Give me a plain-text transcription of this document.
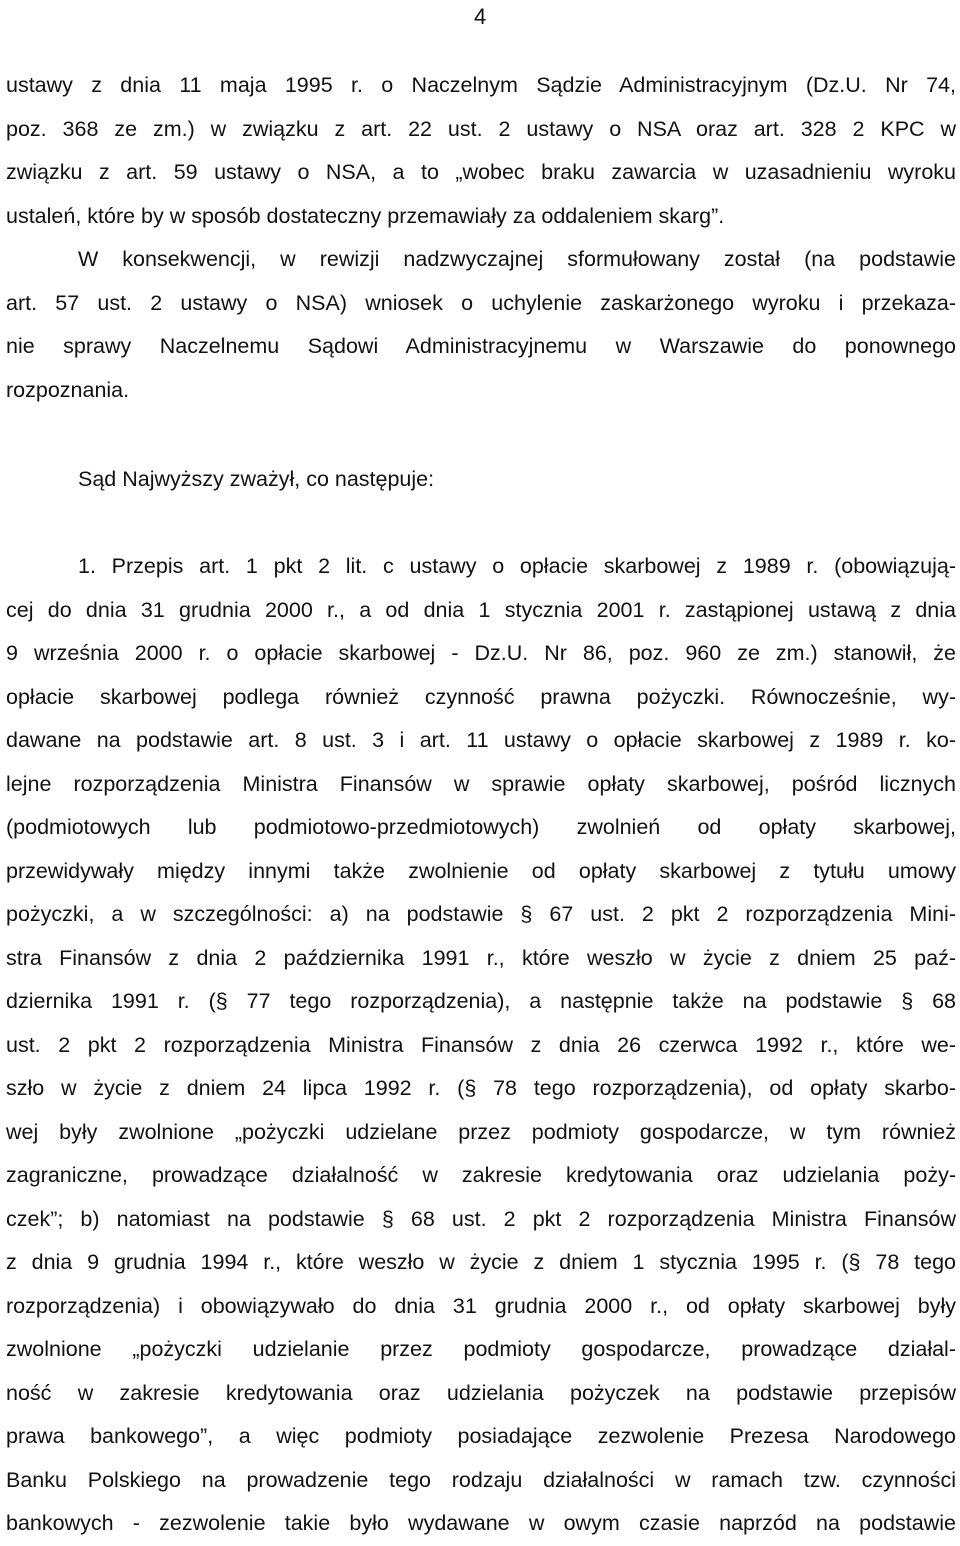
4
ustawy z dnia 11 maja 1995 r. o Naczelnym Sądzie Administracyjnym (Dz.U. Nr 74,
poz. 368 ze zm.) w związku z art. 22 ust. 2 ustawy o NSA oraz art. 328 2 KPC w
związku z art. 59 ustawy o NSA, a to „wobec braku zawarcia w uzasadnieniu wyroku
ustaleń, które by w sposób dostateczny przemawiały za oddaleniem skarg”.
W konsekwencji, w rewizji nadzwyczajnej sformułowany został (na podstawie
art. 57 ust. 2 ustawy o NSA) wniosek o uchylenie zaskarżonego wyroku i przekaza-
nie sprawy Naczelnemu Sądowi Administracyjnemu w Warszawie do ponownego
rozpoznania.
Sąd Najwyższy zważył, co następuje:
1. Przepis art. 1 pkt 2 lit. c ustawy o opłacie skarbowej z 1989 r. (obowiązują-
cej do dnia 31 grudnia 2000 r., a od dnia 1 stycznia 2001 r. zastąpionej ustawą z dnia
9 września 2000 r. o opłacie skarbowej - Dz.U. Nr 86, poz. 960 ze zm.) stanowił, że
opłacie skarbowej podlega również czynność prawna pożyczki. Równocześnie, wy-
dawane na podstawie art. 8 ust. 3 i art. 11 ustawy o opłacie skarbowej z 1989 r. ko-
lejne rozporządzenia Ministra Finansów w sprawie opłaty skarbowej, pośród licznych
(podmiotowych lub podmiotowo-przedmiotowych) zwolnień od opłaty skarbowej,
przewidywały między innymi także zwolnienie od opłaty skarbowej z tytułu umowy
pożyczki, a w szczególności: a) na podstawie § 67 ust. 2 pkt 2 rozporządzenia Mini-
stra Finansów z dnia 2 października 1991 r., które weszło w życie z dniem 25 paź-
dziernika 1991 r. (§ 77 tego rozporządzenia), a następnie także na podstawie § 68
ust. 2 pkt 2 rozporządzenia Ministra Finansów z dnia 26 czerwca 1992 r., które we-
szło w życie z dniem 24 lipca 1992 r. (§ 78 tego rozporządzenia), od opłaty skarbo-
wej były zwolnione „pożyczki udzielane przez podmioty gospodarcze, w tym również
zagraniczne, prowadzące działalność w zakresie kredytowania oraz udzielania poży-
czek”; b) natomiast na podstawie § 68 ust. 2 pkt 2 rozporządzenia Ministra Finansów
z dnia 9 grudnia 1994 r., które weszło w życie z dniem 1 stycznia 1995 r. (§ 78 tego
rozporządzenia) i obowiązywało do dnia 31 grudnia 2000 r., od opłaty skarbowej były
zwolnione „pożyczki udzielanie przez podmioty gospodarcze, prowadzące działal-
ność w zakresie kredytowania oraz udzielania pożyczek na podstawie przepisów
prawa bankowego”, a więc podmioty posiadające zezwolenie Prezesa Narodowego
Banku Polskiego na prowadzenie tego rodzaju działalności w ramach tzw. czynności
bankowych - zezwolenie takie było wydawane w owym czasie naprzód na podstawie
